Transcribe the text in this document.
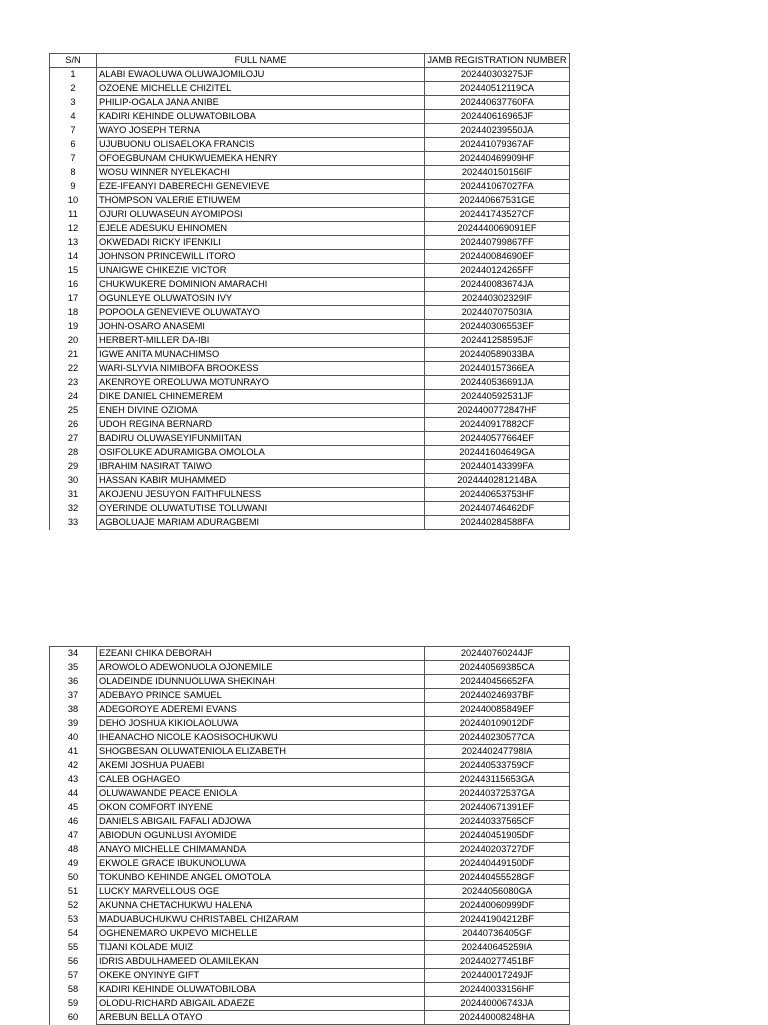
S/N	FULL NAME	JAMB REGISTRATION NUMBER
1	ALABI EWAOLUWA OLUWAJOMILOJU	202440303275JF
2	OZOENE MICHELLE CHIZITEL	202440512119CA
3	PHILIP-OGALA JANA ANIBE	202440637760FA
4	KADIRI KEHINDE OLUWATOBILOBA	202440616965JF
7	WAYO JOSEPH TERNA	202440239550JA
6	UJUBUONU OLISAELOKA FRANCIS	202441079367AF
7	OFOEGBUNAM CHUKWUEMEKA HENRY	202440469909HF
8	WOSU WINNER NYELEKACHI	202440150156IF
9	EZE-IFEANYI DABERECHI GENEVIEVE	202441067027FA
10	THOMPSON VALERIE ETIUWEM	202440667531GE
11	OJURI OLUWASEUN AYOMIPOSI	202441743527CF
12	EJELE ADESUKU EHINOMEN	2024440069091EF
13	OKWEDADI RICKY IFENKILI	202440799867FF
14	JOHNSON PRINCEWILL ITORO	202440084690EF
15	UNAIGWE CHIKEZIE VICTOR	202440124265FF
16	CHUKWUKERE DOMINION AMARACHI	202440083674JA
17	OGUNLEYE OLUWATOSIN IVY	202440302329IF
18	POPOOLA GENEVIEVE OLUWATAYO	202440707503IA
19	JOHN-OSARO ANASEMI	202440306553EF
20	HERBERT-MILLER DA-IBI	202441258595JF
21	IGWE ANITA MUNACHIMSO	202440589033BA
22	WARI-SLYVIA NIMIBOFA BROOKESS	202440157366EA
23	AKENROYE OREOLUWA MOTUNRAYO	202440536691JA
24	DIKE DANIEL CHINEMEREM	202440592531JF
25	ENEH DIVINE OZIOMA	2024400772847HF
26	UDOH REGINA BERNARD	202440917882CF
27	BADIRU OLUWASEYIFUNMIITAN	202440577664EF
28	OSIFOLUKE ADURAMIGBA OMOLOLA	202441604649GA
29	IBRAHIM NASIRAT TAIWO	202440143399FA
30	HASSAN KABIR MUHAMMED	2024440281214BA
31	AKOJENU JESUYON FAITHFULNESS	202440653753HF
32	OYERINDE OLUWATUTISE TOLUWANI	202440746462DF
33	AGBOLUAJE MARIAM ADURAGBEMI	202440284588FA
34	EZEANI CHIKA DEBORAH	202440760244JF
35	AROWOLO ADEWONUOLA OJONEMILE	202440569385CA
36	OLADEINDE IDUNNUOLUWA SHEKINAH	202440456652FA
37	ADEBAYO PRINCE SAMUEL	202440246937BF
38	ADEGOROYE ADEREMI EVANS	202440085849EF
39	DEHO JOSHUA KIKIOLAOLUWA	202440109012DF
40	IHEANACHO NICOLE KAOSISOCHUKWU	202440230577CA
41	SHOGBESAN OLUWATENIOLA ELIZABETH	202440247798IA
42	AKEMI JOSHUA PUAEBI	202440533759CF
43	CALEB OGHAGEO	202443115653GA
44	OLUWAWANDE PEACE ENIOLA	202440372537GA
45	OKON COMFORT INYENE	202440671391EF
46	DANIELS ABIGAIL FAFALI ADJOWA	202440337565CF
47	ABIODUN OGUNLUSI AYOMIDE	202440451905DF
48	ANAYO MICHELLE CHIMAMANDA	202440203727DF
49	EKWOLE GRACE IBUKUNOLUWA	202440449150DF
50	TOKUNBO KEHINDE ANGEL OMOTOLA	202440455528GF
51	LUCKY MARVELLOUS OGE	20244056080GA
52	AKUNNA CHETACHUKWU HALENA	202440060999DF
53	MADUABUCHUKWU CHRISTABEL CHIZARAM	202441904212BF
54	OGHENEMARO UKPEVO MICHELLE	20440736405GF
55	TIJANI KOLADE MUIZ	202440645259IA
56	IDRIS ABDULHAMEED OLAMILEKAN	202440277451BF
57	OKEKE ONYINYE GIFT	202440017249JF
58	KADIRI KEHINDE OLUWATOBILOBA	202440033156HF
59	OLODU-RICHARD ABIGAIL ADAEZE	202440006743JA
60	AREBUN BELLA OTAYO	202440008248HA
